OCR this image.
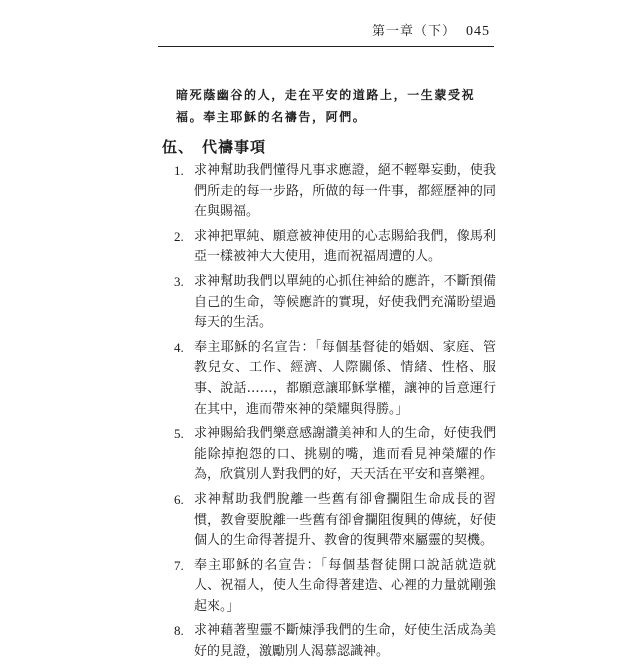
第一章（下） 045
暗死蔭幽谷的人，走在平安的道路上，一生蒙受祝福。奉主耶穌的名禱告，阿們。
伍、 代禱事項
1. 求神幫助我們懂得凡事求應證，絕不輕舉妄動，使我們所走的每一步路，所做的每一件事，都經歷神的同在與賜福。
2. 求神把單純、願意被神使用的心志賜給我們，像馬利亞一樣被神大大使用，進而祝福周遭的人。
3. 求神幫助我們以單純的心抓住神給的應許，不斷預備自己的生命，等候應許的實現，好使我們充滿盼望過每天的生活。
4. 奉主耶穌的名宣告：「每個基督徒的婚姻、家庭、管教兒女、工作、經濟、人際關係、情緒、性格、服事、說話……，都願意讓耶穌掌權，讓神的旨意運行在其中，進而帶來神的榮耀與得勝。」
5. 求神賜給我們樂意感謝讚美神和人的生命，好使我們能除掉抱怨的口、挑剔的嘴，進而看見神榮耀的作為，欣賞別人對我們的好，天天活在平安和喜樂裡。
6. 求神幫助我們脫離一些舊有卻會攔阻生命成長的習慣，教會要脫離一些舊有卻會攔阻復興的傳統，好使個人的生命得著提升、教會的復興帶來屬靈的契機。
7. 奉主耶穌的名宣告：「每個基督徒開口說話就造就人、祝福人，使人生命得著建造、心裡的力量就剛強起來。」
8. 求神藉著聖靈不斷煉淨我們的生命，好使生活成為美好的見證，激勵別人渴慕認識神。
